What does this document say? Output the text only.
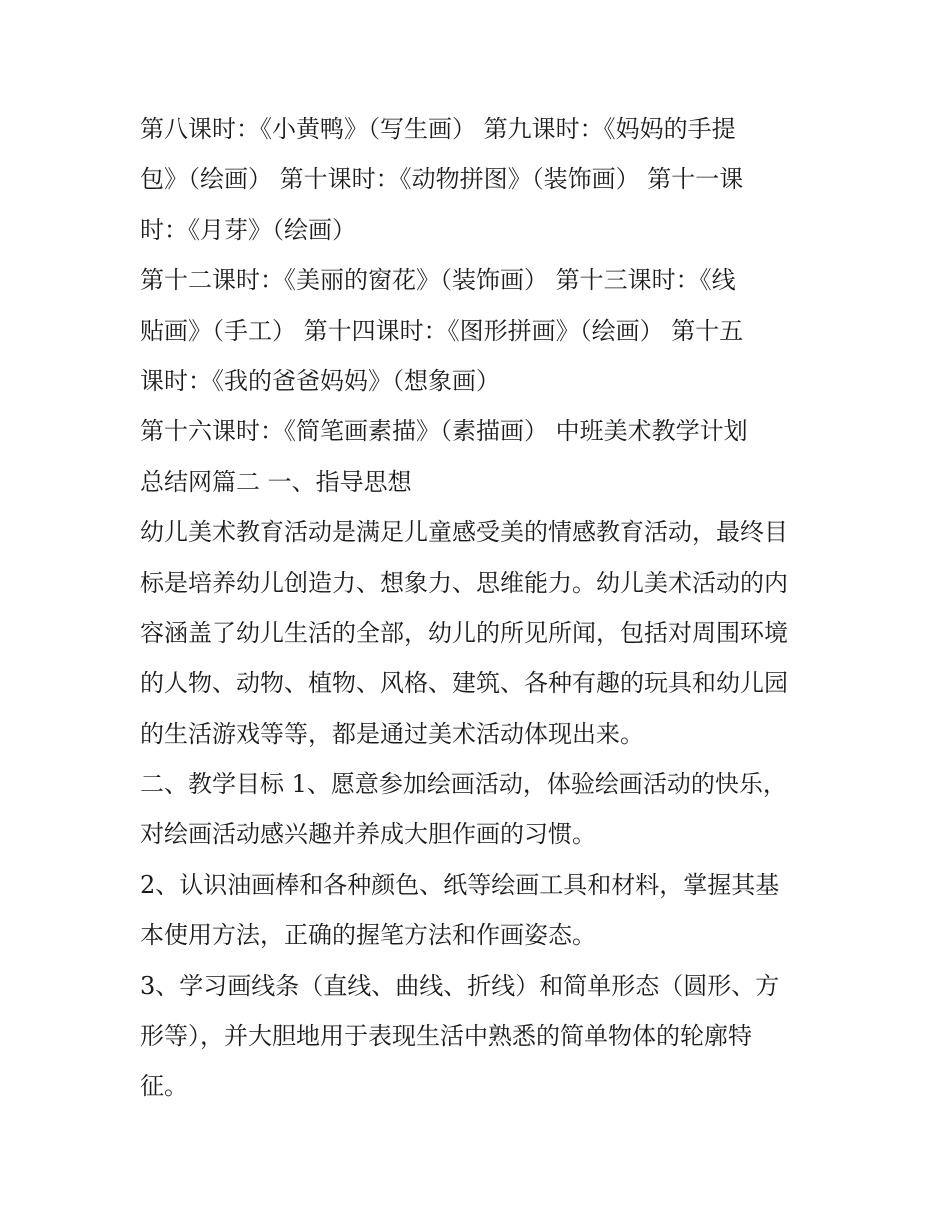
第八课时：《小黄鸭》（写生画） 第九课时：《妈妈的手提
包》（绘画） 第十课时：《动物拼图》（装饰画） 第十一课
时：《月芽》（绘画）
第十二课时：《美丽的窗花》（装饰画） 第十三课时：《线
贴画》（手工） 第十四课时：《图形拼画》（绘画） 第十五
课时：《我的爸爸妈妈》（想象画）
第十六课时：《简笔画素描》（素描画） 中班美术教学计划
总结网篇二 一、指导思想
幼儿美术教育活动是满足儿童感受美的情感教育活动，最终目
标是培养幼儿创造力、想象力、思维能力。幼儿美术活动的内
容涵盖了幼儿生活的全部，幼儿的所见所闻，包括对周围环境
的人物、动物、植物、风格、建筑、各种有趣的玩具和幼儿园
的生活游戏等等，都是通过美术活动体现出来。
二、教学目标 1、愿意参加绘画活动，体验绘画活动的快乐，
对绘画活动感兴趣并养成大胆作画的习惯。
2、认识油画棒和各种颜色、纸等绘画工具和材料，掌握其基
本使用方法，正确的握笔方法和作画姿态。
3、学习画线条（直线、曲线、折线）和简单形态（圆形、方
形等），并大胆地用于表现生活中熟悉的简单物体的轮廓特
征。
